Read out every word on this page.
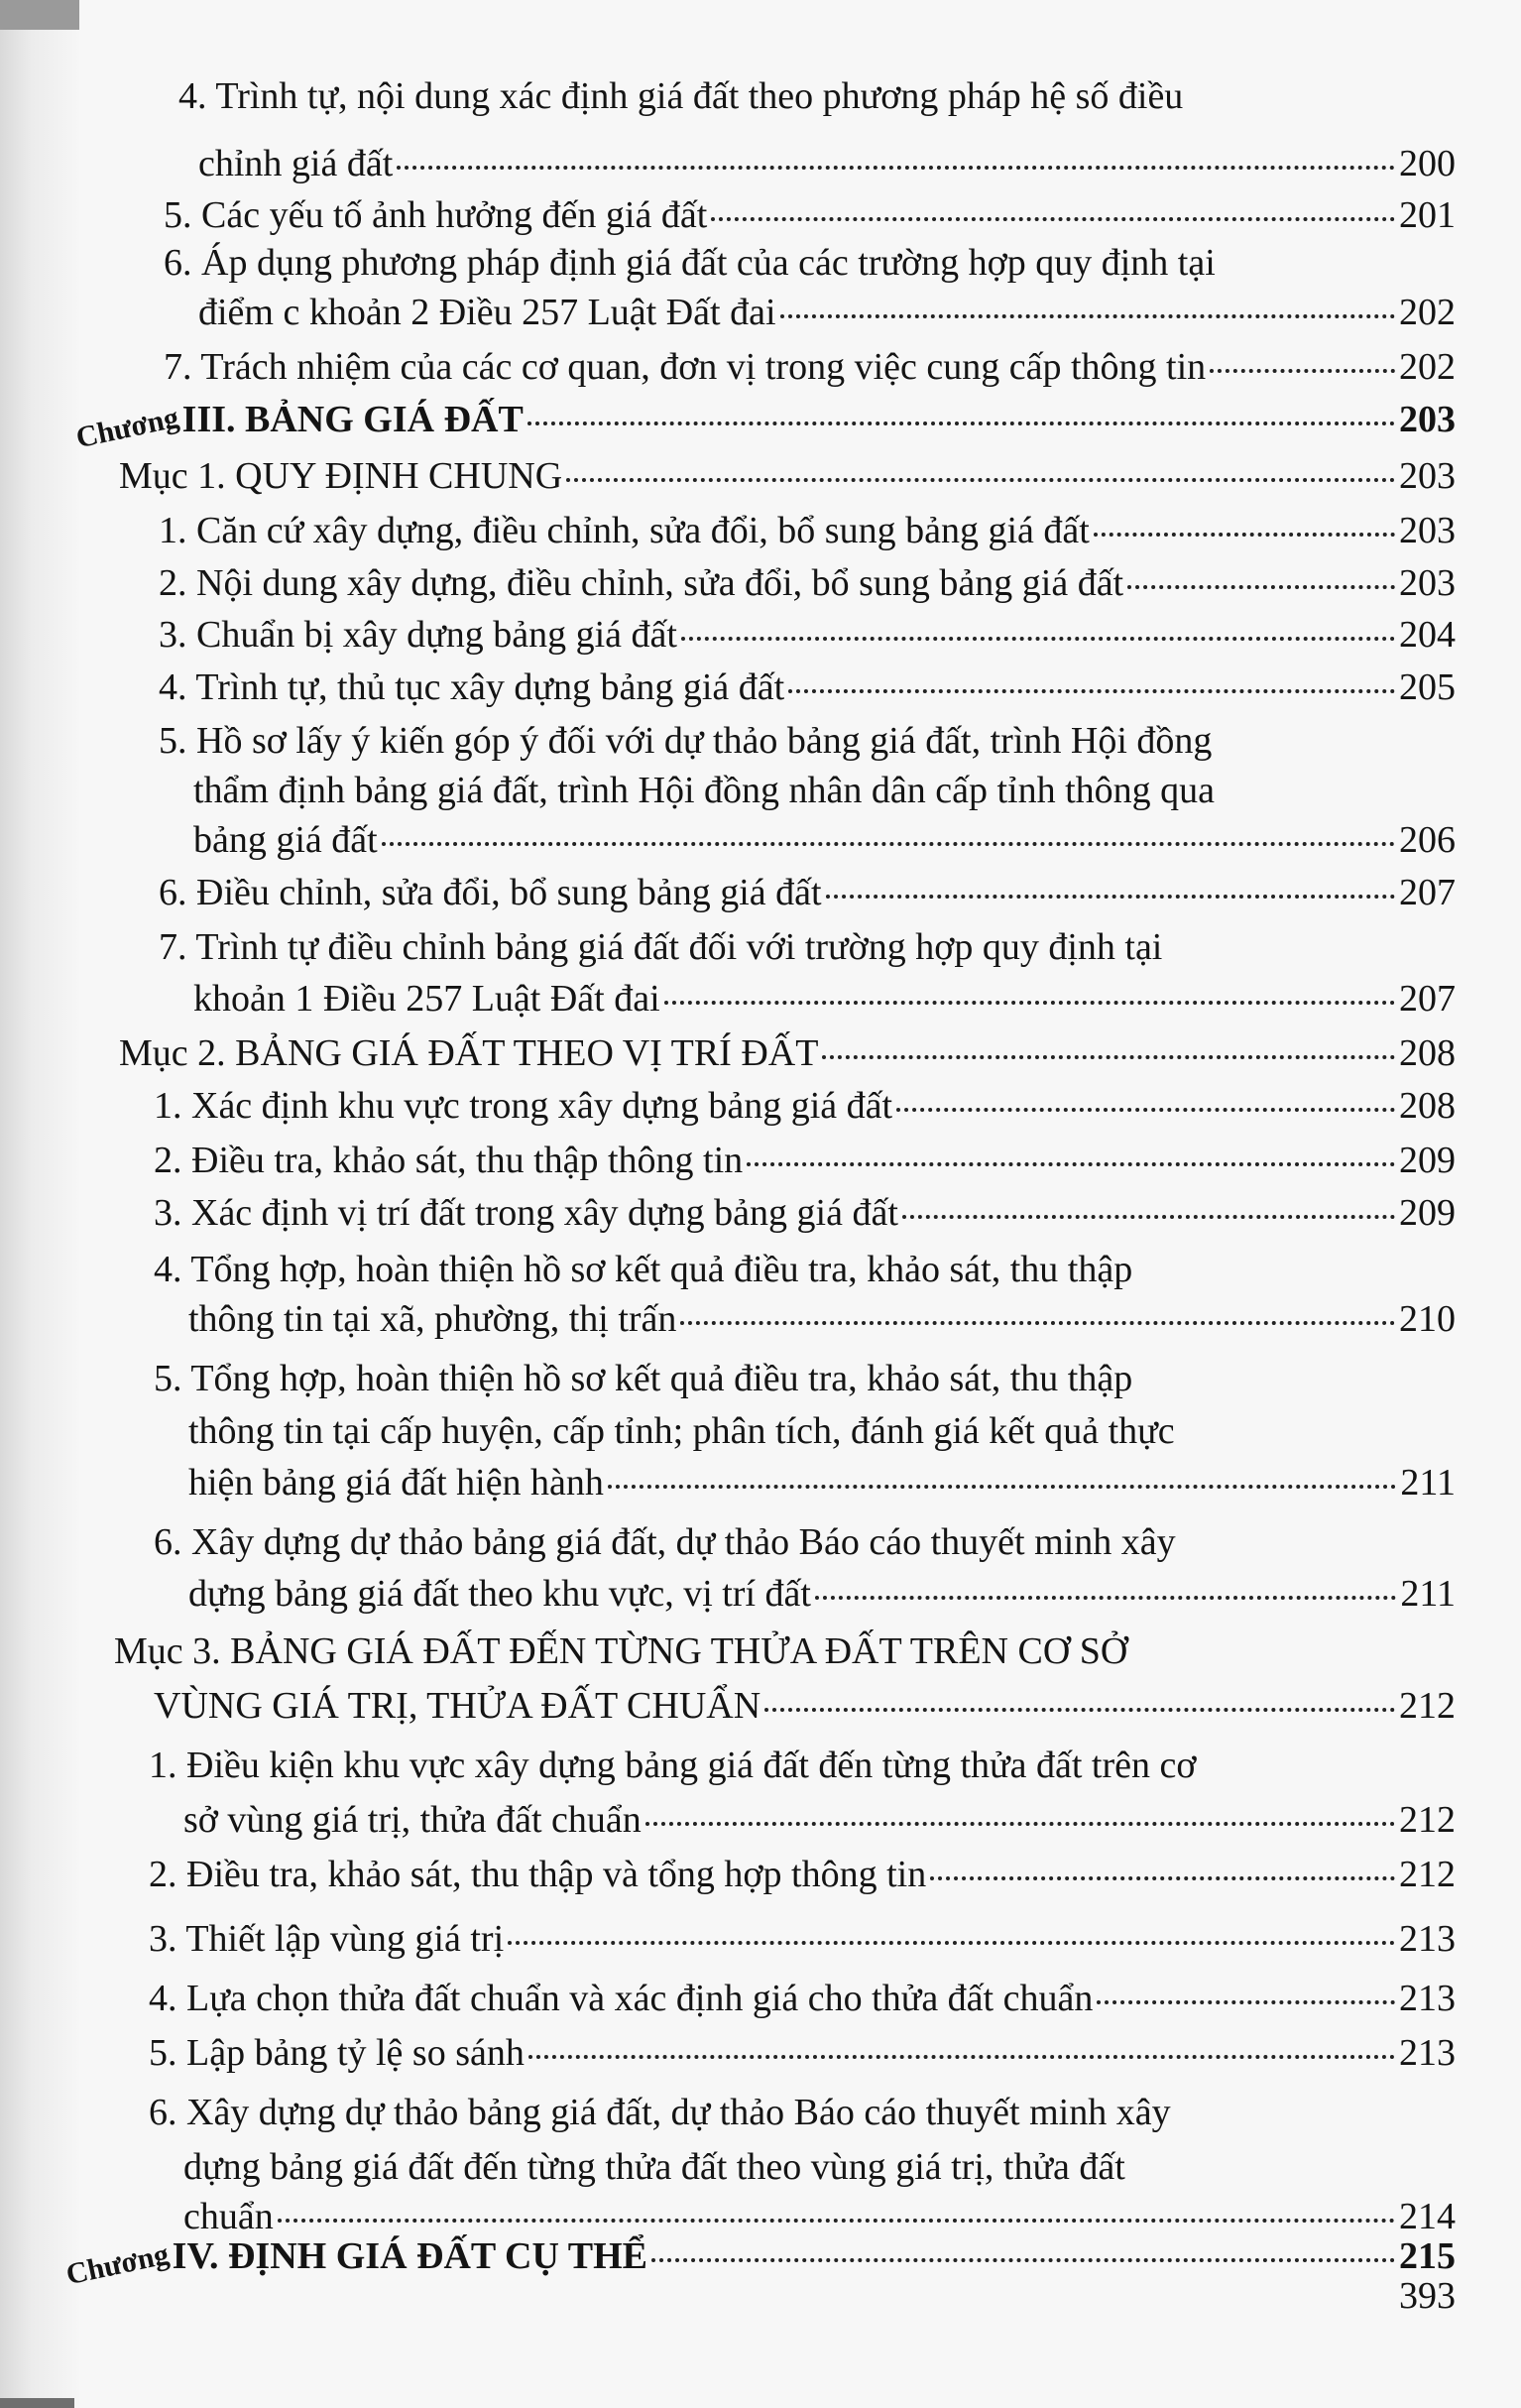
4. Trình tự, nội dung xác định giá đất theo phương pháp hệ số điều
chỉnh giá đất	200
5. Các yếu tố ảnh hưởng đến giá đất	201
6. Áp dụng phương pháp định giá đất của các trường hợp quy định tại
điểm c khoản 2 Điều 257 Luật Đất đai	202
7. Trách nhiệm của các cơ quan, đơn vị trong việc cung cấp thông tin	202
ChươngIII. BẢNG GIÁ ĐẤT	203
Mục 1. QUY ĐỊNH CHUNG	203
1. Căn cứ xây dựng, điều chỉnh, sửa đổi, bổ sung bảng giá đất	203
2. Nội dung xây dựng, điều chỉnh, sửa đổi, bổ sung bảng giá đất	203
3. Chuẩn bị xây dựng bảng giá đất	204
4. Trình tự, thủ tục xây dựng bảng giá đất	205
5. Hồ sơ lấy ý kiến góp ý đối với dự thảo bảng giá đất, trình Hội đồng
thẩm định bảng giá đất, trình Hội đồng nhân dân cấp tỉnh thông qua
bảng giá đất	206
6. Điều chỉnh, sửa đổi, bổ sung bảng giá đất	207
7. Trình tự điều chỉnh bảng giá đất đối với trường hợp quy định tại
khoản 1 Điều 257 Luật Đất đai	207
Mục 2. BẢNG GIÁ ĐẤT THEO VỊ TRÍ ĐẤT	208
1. Xác định khu vực trong xây dựng bảng giá đất	208
2. Điều tra, khảo sát, thu thập thông tin	209
3. Xác định vị trí đất trong xây dựng bảng giá đất	209
4. Tổng hợp, hoàn thiện hồ sơ kết quả điều tra, khảo sát, thu thập
thông tin tại xã, phường, thị trấn	210
5. Tổng hợp, hoàn thiện hồ sơ kết quả điều tra, khảo sát, thu thập
thông tin tại cấp huyện, cấp tỉnh; phân tích, đánh giá kết quả thực
hiện bảng giá đất hiện hành	211
6. Xây dựng dự thảo bảng giá đất, dự thảo Báo cáo thuyết minh xây
dựng bảng giá đất theo khu vực, vị trí đất	211
Mục 3. BẢNG GIÁ ĐẤT ĐẾN TỪNG THỬA ĐẤT TRÊN CƠ SỞ
VÙNG GIÁ TRỊ, THỬA ĐẤT CHUẨN	212
1. Điều kiện khu vực xây dựng bảng giá đất đến từng thửa đất trên cơ
sở vùng giá trị, thửa đất chuẩn	212
2. Điều tra, khảo sát, thu thập và tổng hợp thông tin	212
3. Thiết lập vùng giá trị	213
4. Lựa chọn thửa đất chuẩn và xác định giá cho thửa đất chuẩn	213
5. Lập bảng tỷ lệ so sánh	213
6. Xây dựng dự thảo bảng giá đất, dự thảo Báo cáo thuyết minh xây
dựng bảng giá đất đến từng thửa đất theo vùng giá trị, thửa đất
chuẩn	214
ChươngIV. ĐỊNH GIÁ ĐẤT CỤ THỂ	215
393
